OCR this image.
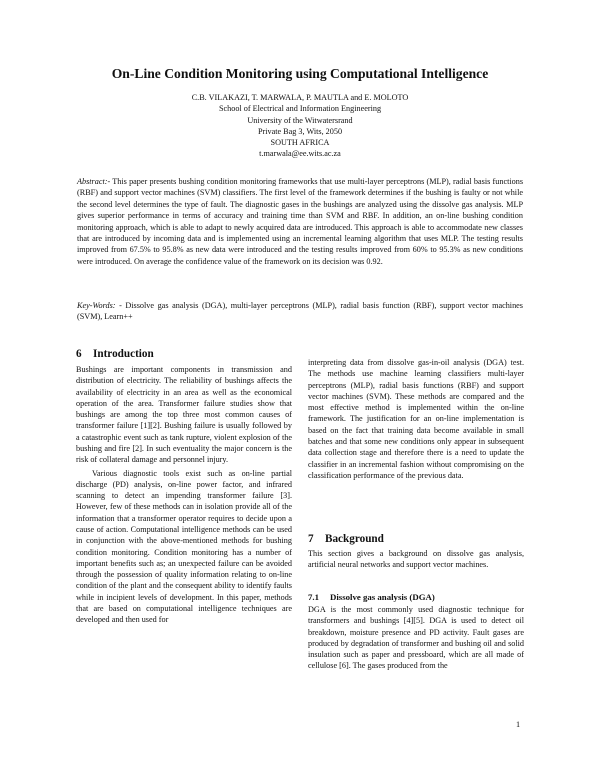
On-Line Condition Monitoring using Computational Intelligence
C.B. VILAKAZI, T. MARWALA, P. MAUTLA and E. MOLOTO
School of Electrical and Information Engineering
University of the Witwatersrand
Private Bag 3, Wits, 2050
SOUTH AFRICA
t.marwala@ee.wits.ac.za
Abstract:- This paper presents bushing condition monitoring frameworks that use multi-layer perceptrons (MLP), radial basis functions (RBF) and support vector machines (SVM) classifiers. The first level of the framework determines if the bushing is faulty or not while the second level determines the type of fault. The diagnostic gases in the bushings are analyzed using the dissolve gas analysis. MLP gives superior performance in terms of accuracy and training time than SVM and RBF. In addition, an on-line bushing condition monitoring approach, which is able to adapt to newly acquired data are introduced. This approach is able to accommodate new classes that are introduced by incoming data and is implemented using an incremental learning algorithm that uses MLP. The testing results improved from 67.5% to 95.8% as new data were introduced and the testing results improved from 60% to 95.3% as new conditions were introduced. On average the confidence value of the framework on its decision was 0.92.
Key-Words: - Dissolve gas analysis (DGA), multi-layer perceptrons (MLP), radial basis function (RBF), support vector machines (SVM), Learn++
6 Introduction

Bushings are important components in transmission and distribution of electricity. The reliability of bushings affects the availability of electricity in an area as well as the economical operation of the area. Transformer failure studies show that bushings are among the top three most common causes of transformer failure [1][2]. Bushing failure is usually followed by a catastrophic event such as tank rupture, violent explosion of the bushing and fire [2]. In such eventuality the major concern is the risk of collateral damage and personnel injury.

Various diagnostic tools exist such as on-line partial discharge (PD) analysis, on-line power factor, and infrared scanning to detect an impending transformer failure [3]. However, few of these methods can in isolation provide all of the information that a transformer operator requires to decide upon a cause of action. Computational intelligence methods can be used in conjunction with the above-mentioned methods for bushing condition monitoring. Condition monitoring has a number of important benefits such as; an unexpected failure can be avoided through the possession of quality information relating to on-line condition of the plant and the consequent ability to identify faults while in incipient levels of development. In this paper, methods that are based on computational intelligence techniques are developed and then used for

interpreting data from dissolve gas-in-oil analysis (DGA) test. The methods use machine learning classifiers multi-layer perceptrons (MLP), radial basis functions (RBF) and support vector machines (SVM). These methods are compared and the most effective method is implemented within the on-line framework. The justification for an on-line implementation is based on the fact that training data become available in small batches and that some new conditions only appear in subsequent data collection stage and therefore there is a need to update the classifier in an incremental fashion without compromising on the classification performance of the previous data.

7 Background

This section gives a background on dissolve gas analysis, artificial neural networks and support vector machines.

7.1 Dissolve gas analysis (DGA)

DGA is the most commonly used diagnostic technique for transformers and bushings [4][5]. DGA is used to detect oil breakdown, moisture presence and PD activity. Fault gases are produced by degradation of transformer and bushing oil and solid insulation such as paper and pressboard, which are all made of cellulose [6]. The gases produced from the

1
